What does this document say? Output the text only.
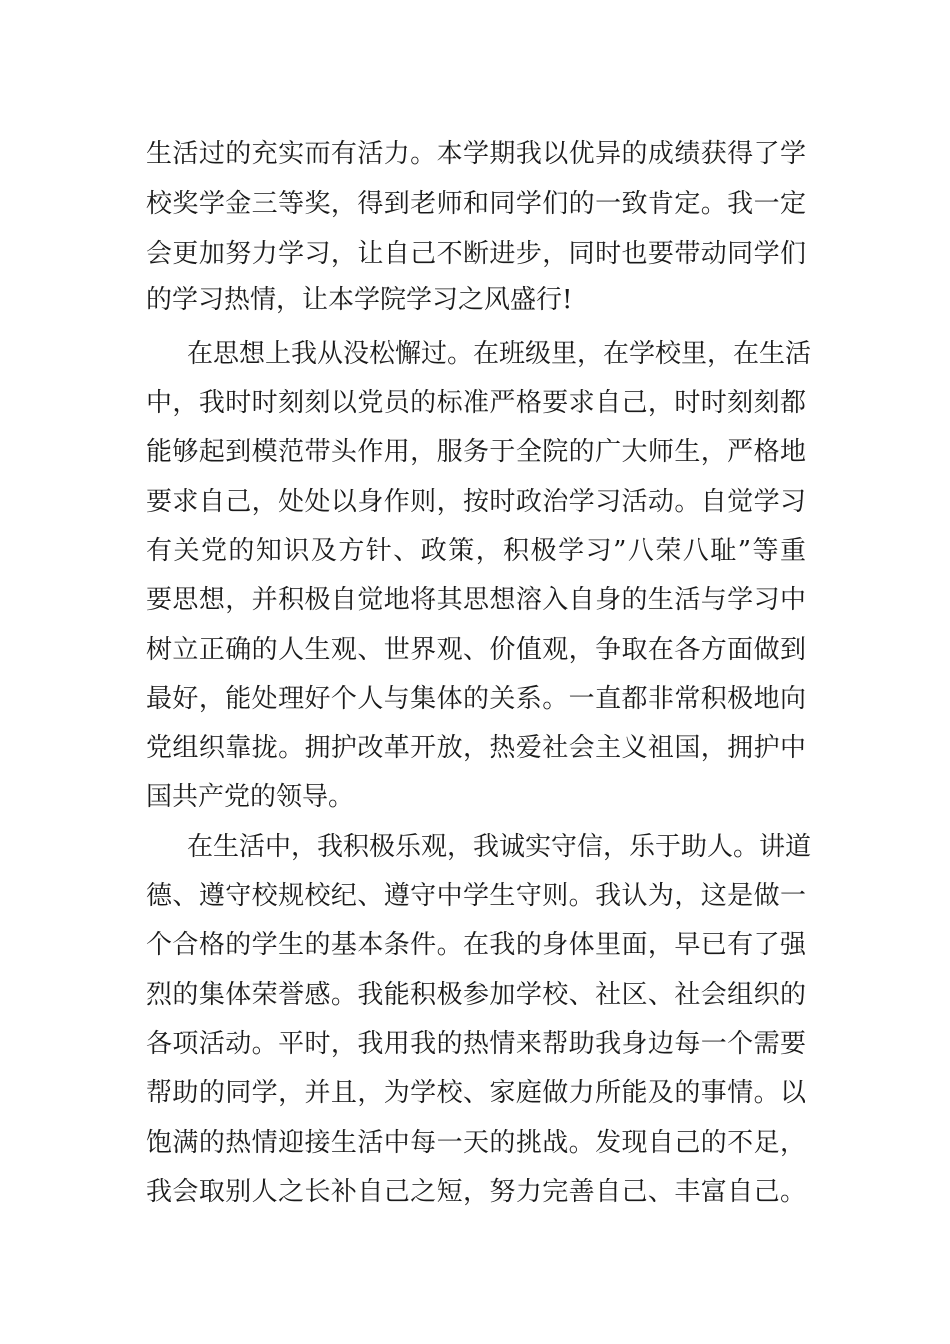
生活过的充实而有活力。本学期我以优异的成绩获得了学
校奖学金三等奖，得到老师和同学们的一致肯定。我一定
会更加努力学习，让自己不断进步，同时也要带动同学们
的学习热情，让本学院学习之风盛行!
在思想上我从没松懈过。在班级里，在学校里，在生活
中，我时时刻刻以党员的标准严格要求自己，时时刻刻都
能够起到模范带头作用，服务于全院的广大师生，严格地
要求自己，处处以身作则，按时政治学习活动。自觉学习
有关党的知识及方针、政策，积极学习”八荣八耻”等重
要思想，并积极自觉地将其思想溶入自身的生活与学习中
树立正确的人生观、世界观、价值观，争取在各方面做到
最好，能处理好个人与集体的关系。一直都非常积极地向
党组织靠拢。拥护改革开放，热爱社会主义祖国，拥护中
国共产党的领导。
在生活中，我积极乐观，我诚实守信，乐于助人。讲道
德、遵守校规校纪、遵守中学生守则。我认为，这是做一
个合格的学生的基本条件。在我的身体里面，早已有了强
烈的集体荣誉感。我能积极参加学校、社区、社会组织的
各项活动。平时，我用我的热情来帮助我身边每一个需要
帮助的同学，并且，为学校、家庭做力所能及的事情。以
饱满的热情迎接生活中每一天的挑战。发现自己的不足，
我会取别人之长补自己之短，努力完善自己、丰富自己。
